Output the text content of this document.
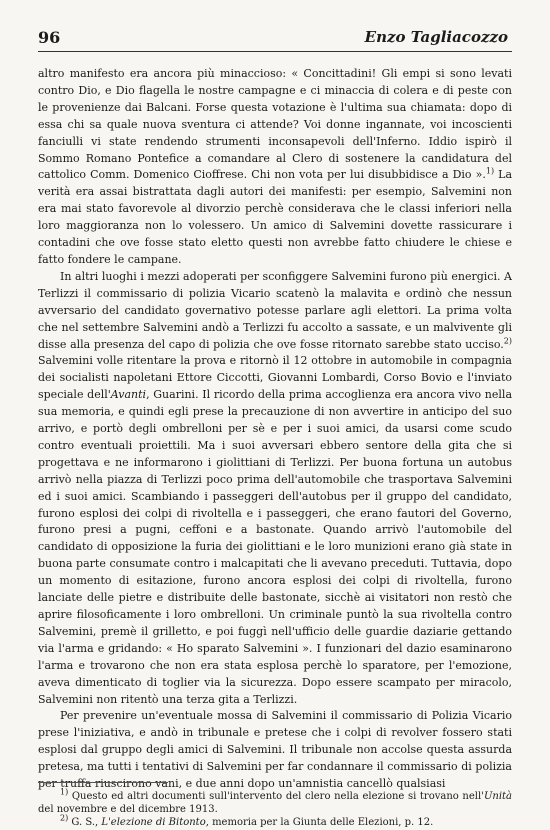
96	Enzo Tagliacozzo

altro manifesto era ancora più minaccioso: « Concittadini! Gli empi si sono levati contro Dio, e Dio flagella le nostre campagne e ci minaccia di colera e di peste con le provenienze dai Balcani. Forse questa votazione è l'ultima sua chiamata: dopo di essa chi sa quale nuova sventura ci attende? Voi donne ingannate, voi incoscienti fanciulli vi state rendendo strumenti inconsapevoli dell'Inferno. Iddio ispirò il Sommo Romano Pontefice a comandare al Clero di sostenere la candidatura del cattolico Comm. Domenico Cioffrese. Chi non vota per lui disubbidisce a Dio ».$^{1)}$ La verità era assai bistrattata dagli autori dei manifesti: per esempio, Salvemini non era mai stato favorevole al divorzio perchè considerava che le classi inferiori nella loro maggioranza non lo volessero. Un amico di Salvemini dovette rassicurare i contadini che ove fosse stato eletto questi non avrebbe fatto chiudere le chiese e fatto fondere le campane.

In altri luoghi i mezzi adoperati per sconfiggere Salvemini furono più energici. A Terlizzi il commissario di polizia Vicario scatenò la malavita e ordinò che nessun avversario del candidato governativo potesse parlare agli elettori. La prima volta che nel settembre Salvemini andò a Terlizzi fu accolto a sassate, e un malvivente gli disse alla presenza del capo di polizia che ove fosse ritornato sarebbe stato ucciso.$^{2)}$ Salvemini volle ritentare la prova e ritornò il 12 ottobre in automobile in compagnia dei socialisti napoletani Ettore Ciccotti, Giovanni Lombardi, Corso Bovio e l'inviato speciale dell'Avanti, Guarini. Il ricordo della prima accoglienza era ancora vivo nella sua memoria, e quindi egli prese la precauzione di non avvertire in anticipo del suo arrivo, e portò degli ombrelloni per sè e per i suoi amici, da usarsi come scudo contro eventuali proiettili. Ma i suoi avversari ebbero sentore della gita che si progettava e ne informarono i giolittiani di Terlizzi. Per buona fortuna un autobus arrivò nella piazza di Terlizzi poco prima dell'automobile che trasportava Salvemini ed i suoi amici. Scambiando i passeggeri dell'autobus per il gruppo del candidato, furono esplosi dei colpi di rivoltella e i passeggeri, che erano fautori del Governo, furono presi a pugni, ceffoni e a bastonate. Quando arrivò l'automobile del candidato di opposizione la furia dei giolittiani e le loro munizioni erano già state in buona parte consumate contro i malcapitati che li avevano preceduti. Tuttavia, dopo un momento di esitazione, furono ancora esplosi dei colpi di rivoltella, furono lanciate delle pietre e distribuite delle bastonate, sicchè ai visitatori non restò che aprire filosoficamente i loro ombrelloni. Un criminale puntò la sua rivoltella contro Salvemini, premè il grilletto, e poi fuggì nell'ufficio delle guardie daziarie gettando via l'arma e gridando: « Ho sparato Salvemini ». I funzionari del dazio esaminarono l'arma e trovarono che non era stata esplosa perchè lo sparatore, per l'emozione, aveva dimenticato di toglier via la sicurezza. Dopo essere scampato per miracolo, Salvemini non ritentò una terza gita a Terlizzi.

Per prevenire un'eventuale mossa di Salvemini il commissario di Polizia Vicario prese l'iniziativa, e andò in tribunale e pretese che i colpi di revolver fossero stati esplosi dal gruppo degli amici di Salvemini. Il tribunale non accolse questa assurda pretesa, ma tutti i tentativi di Salvemini per far condannare il commissario di polizia per truffa riuscirono vani, e due anni dopo un'amnistia cancellò qualsiasi

$^{1)}$ Questo ed altri documenti sull'intervento del clero nella elezione si trovano nell'Unità del novembre e del dicembre 1913.

$^{2)}$ G. S., L'elezione di Bitonto, memoria per la Giunta delle Elezioni, p. 12.
